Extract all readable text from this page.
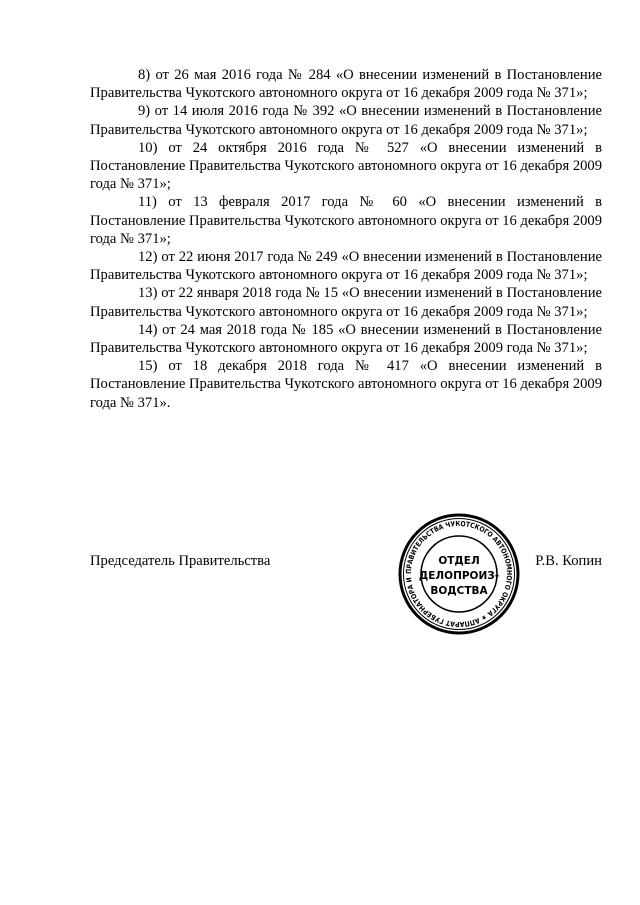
8) от 26 мая 2016 года № 284 «О внесении изменений в Постановление Правительства Чукотского автономного округа от 16 декабря 2009 года № 371»;

9) от 14 июля 2016 года № 392 «О внесении изменений в Постановление Правительства Чукотского автономного округа от 16 декабря 2009 года № 371»;

10) от 24 октября 2016 года № 527 «О внесении изменений в Постановление Правительства Чукотского автономного округа от 16 декабря 2009 года № 371»;

11) от 13 февраля 2017 года № 60 «О внесении изменений в Постановление Правительства Чукотского автономного округа от 16 декабря 2009 года № 371»;

12) от 22 июня 2017 года № 249 «О внесении изменений в Постановление Правительства Чукотского автономного округа от 16 декабря 2009 года № 371»;

13) от 22 января 2018 года № 15 «О внесении изменений в Постановление Правительства Чукотского автономного округа от 16 декабря 2009 года № 371»;

14) от 24 мая 2018 года № 185 «О внесении изменений в Постановление Правительства Чукотского автономного округа от 16 декабря 2009 года № 371»;

15) от 18 декабря 2018 года № 417 «О внесении изменений в Постановление Правительства Чукотского автономного округа от 16 декабря 2009 года № 371».

Председатель Правительства	Р.В. Копин
ПРАВИТЕЛЬСТВА ЧУКОТСКОГО АВТОНОМНОГО ОКРУГА ★ АППАРАТ ГУБЕРНАТОРА И
ОТДЕЛ
ДЕЛОПРОИЗ-
ВОДСТВА
